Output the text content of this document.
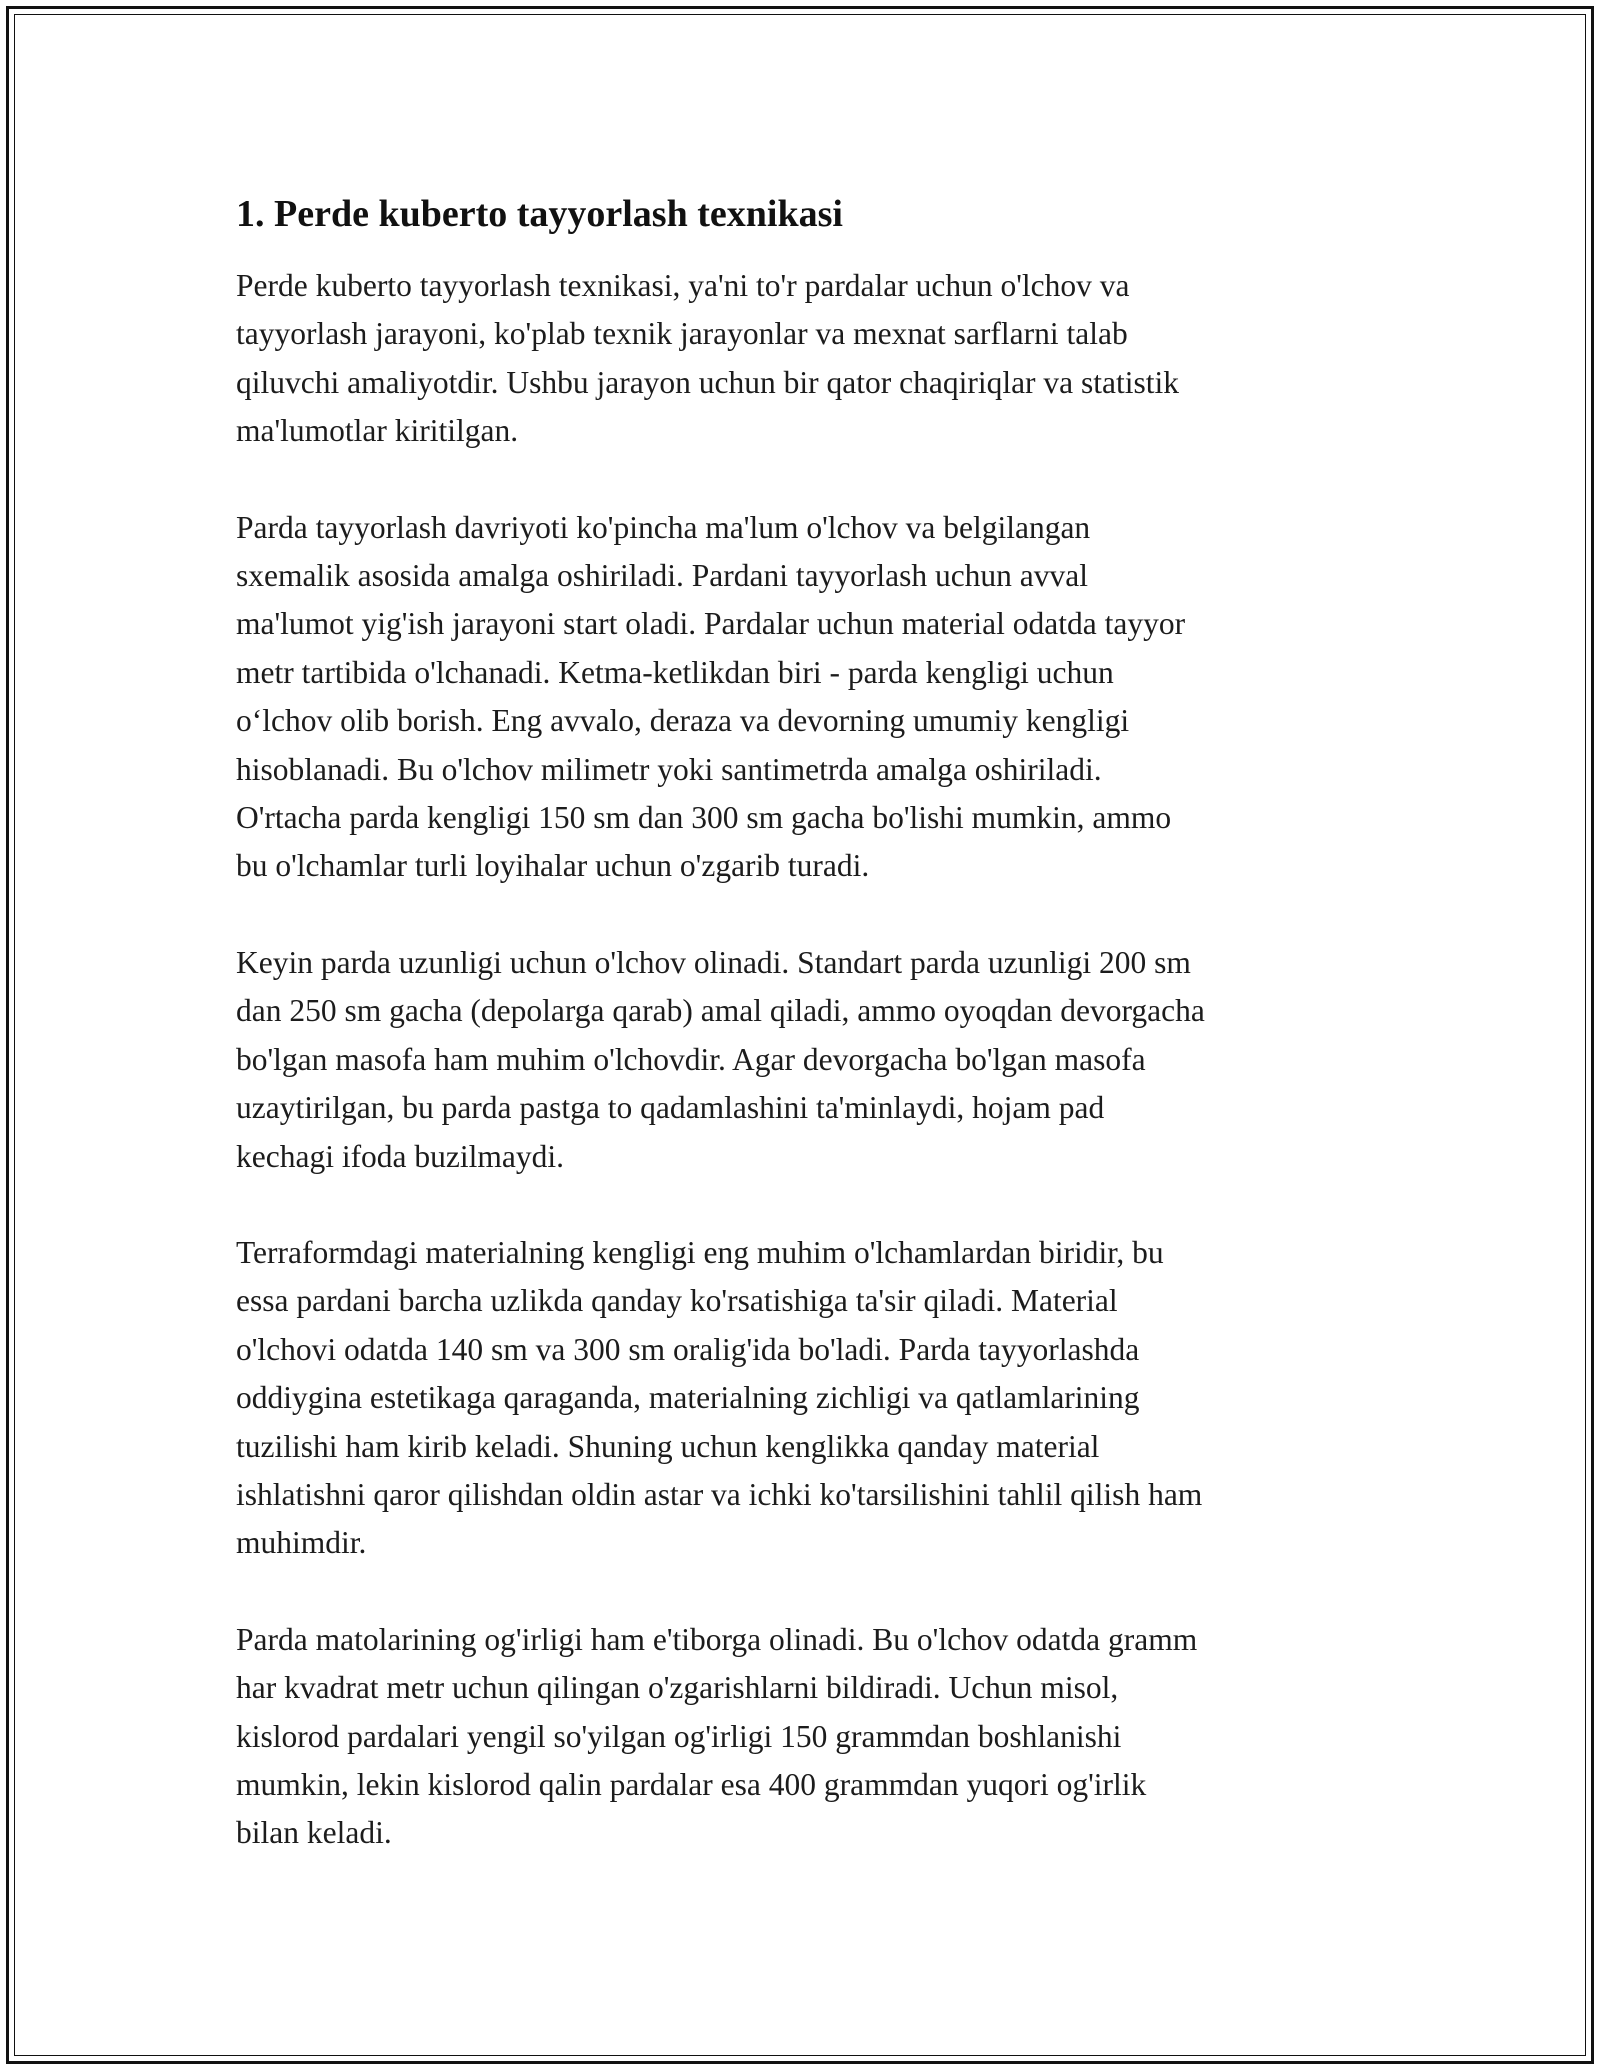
1. Perde kuberto tayyorlash texnikasi

Perde kuberto tayyorlash texnikasi, ya'ni to'r pardalar uchun o'lchov va
tayyorlash jarayoni, ko'plab texnik jarayonlar va mexnat sarflarni talab
qiluvchi amaliyotdir. Ushbu jarayon uchun bir qator chaqiriqlar va statistik
ma'lumotlar kiritilgan.

Parda tayyorlash davriyoti ko'pincha ma'lum o'lchov va belgilangan
sxemalik asosida amalga oshiriladi. Pardani tayyorlash uchun avval
ma'lumot yig'ish jarayoni start oladi. Pardalar uchun material odatda tayyor
metr tartibida o'lchanadi. Ketma-ketlikdan biri - parda kengligi uchun
o‘lchov olib borish. Eng avvalo, deraza va devorning umumiy kengligi
hisoblanadi. Bu o'lchov milimetr yoki santimetrda amalga oshiriladi.
O'rtacha parda kengligi 150 sm dan 300 sm gacha bo'lishi mumkin, ammo
bu o'lchamlar turli loyihalar uchun o'zgarib turadi.

Keyin parda uzunligi uchun o'lchov olinadi. Standart parda uzunligi 200 sm
dan 250 sm gacha (depolarga qarab) amal qiladi, ammo oyoqdan devorgacha
bo'lgan masofa ham muhim o'lchovdir. Agar devorgacha bo'lgan masofa
uzaytirilgan, bu parda pastga to qadamlashini ta'minlaydi, hojam pad
kechagi ifoda buzilmaydi.

Terraformdagi materialning kengligi eng muhim o'lchamlardan biridir, bu
essa pardani barcha uzlikda qanday ko'rsatishiga ta'sir qiladi. Material
o'lchovi odatda 140 sm va 300 sm oralig'ida bo'ladi. Parda tayyorlashda
oddiygina estetikaga qaraganda, materialning zichligi va qatlamlarining
tuzilishi ham kirib keladi. Shuning uchun kenglikka qanday material
ishlatishni qaror qilishdan oldin astar va ichki ko'tarsilishini tahlil qilish ham
muhimdir.

Parda matolarining og'irligi ham e'tiborga olinadi. Bu o'lchov odatda gramm
har kvadrat metr uchun qilingan o'zgarishlarni bildiradi. Uchun misol,
kislorod pardalari yengil so'yilgan og'irligi 150 grammdan boshlanishi
mumkin, lekin kislorod qalin pardalar esa 400 grammdan yuqori og'irlik
bilan keladi.
